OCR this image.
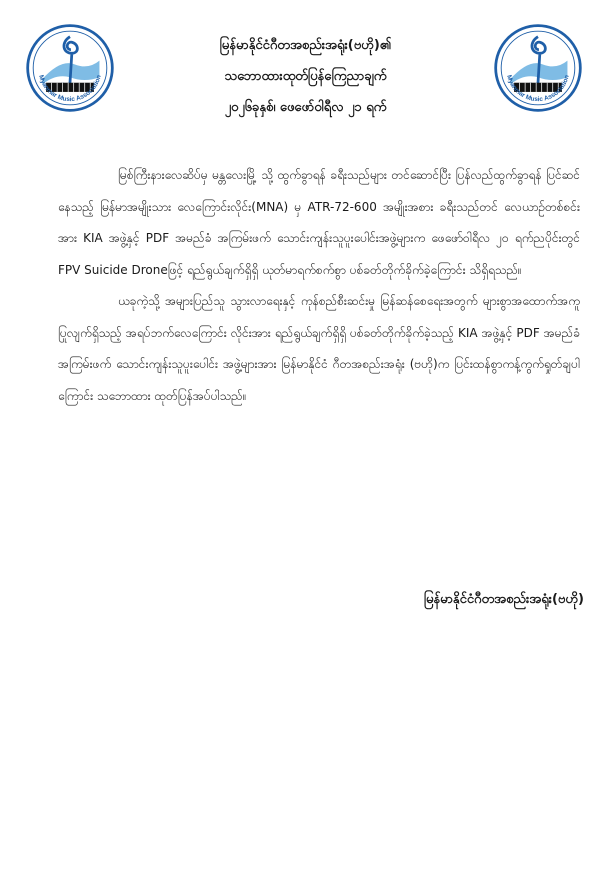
Myanmar Music Association	Myanmar Music Association
မြန်မာနိုင်ငံဂီတအစည်းအရုံး(ဗဟို)၏
သဘောထားထုတ်ပြန်ကြေညာချက်
၂၀၂၆ခုနှစ်၊ ဖေဖော်ဝါရီလ ၂၁ ရက်

မြစ်ကြီးနားလေဆိပ်မှ မန္တလေးမြို့ သို့ ထွက်ခွာရန် ခရီးသည်များ တင်ဆောင်ပြီး ပြန်လည်ထွက်ခွာရန် ပြင်ဆင်နေသည့် မြန်မာအမျိုးသား လေကြောင်းလိုင်း(MNA) မှ ATR-72-600 အမျိုးအစား ခရီးသည်တင် လေယာဉ်တစ်စင်းအား KIA အဖွဲ့နှင့် PDF အမည်ခံ အကြမ်းဖက် သောင်းကျန်းသူပူးပေါင်းအဖွဲ့များက ဖေဖော်ဝါရီလ ၂၀ ရက်ညပိုင်းတွင် FPV Suicide Droneဖြင့် ရည်ရွယ်ချက်ရှိရှိ ယုတ်မာရက်စက်စွာ ပစ်ခတ်တိုက်ခိုက်ခဲ့ကြောင်း သိရှိရသည်။

ယခုကဲ့သို့ အများပြည်သူ သွားလာရေးနှင့် ကုန်စည်စီးဆင်းမှု မြန်ဆန်စေရေးအတွက် များစွာအထောက်အကူ ပြုလျက်ရှိသည့် အရပ်ဘက်လေကြောင်း လိုင်းအား ရည်ရွယ်ချက်ရှိရှိ ပစ်ခတ်တိုက်ခိုက်ခဲ့သည့် KIA အဖွဲ့နှင့် PDF အမည်ခံ အကြမ်းဖက် သောင်းကျန်းသူပူးပေါင်း အဖွဲ့များအား မြန်မာနိုင်ငံ ဂီတအစည်းအရုံး (ဗဟို)က ပြင်းထန်စွာကန့်ကွက်ရှုတ်ချပါကြောင်း သဘောထား ထုတ်ပြန်အပ်ပါသည်။

မြန်မာနိုင်ငံဂီတအစည်းအရုံး(ဗဟို)
